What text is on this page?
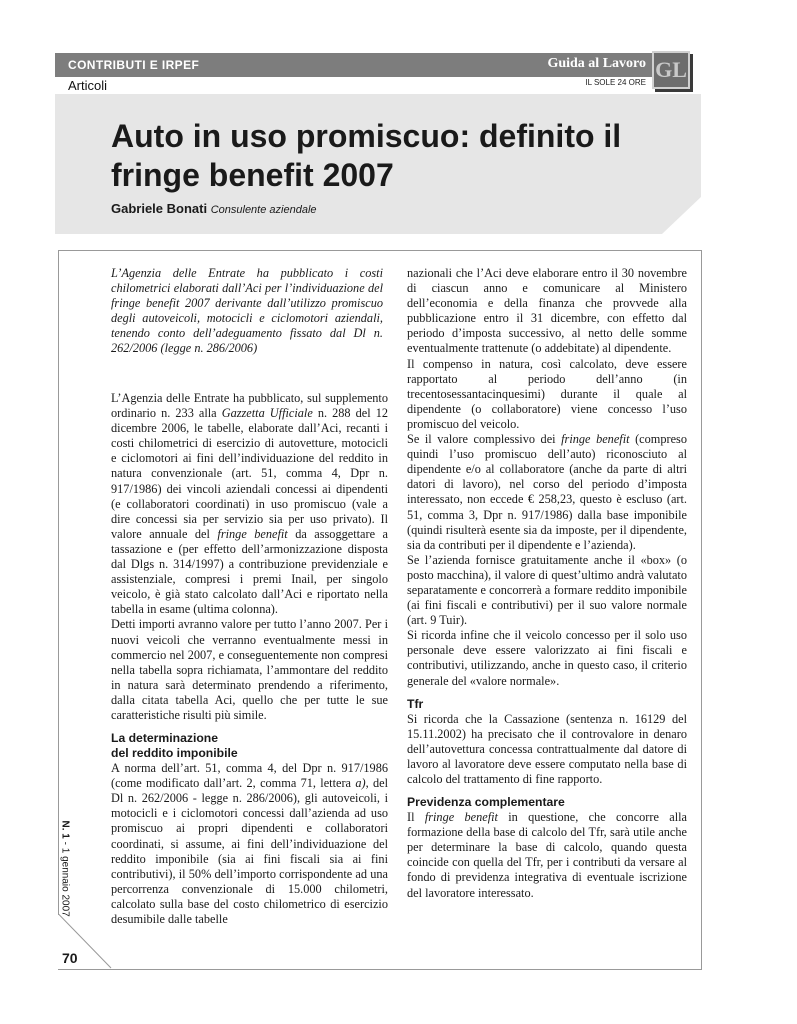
CONTRIBUTI E IRPEF
Articoli
Guida al Lavoro
IL SOLE 24 ORE
GL
Auto in uso promiscuo: definito il fringe benefit 2007
Gabriele Bonati Consulente aziendale

L’Agenzia delle Entrate ha pubblicato i costi chilometrici elaborati dall’Aci per l’individuazione del fringe benefit 2007 derivante dall’utilizzo promiscuo degli autoveicoli, motocicli e ciclomotori aziendali, tenendo conto dell’adeguamento fissato dal Dl n. 262/2006 (legge n. 286/2006)

L’Agenzia delle Entrate ha pubblicato, sul supplemento ordinario n. 233 alla Gazzetta Ufficiale n. 288 del 12 dicembre 2006, le tabelle, elaborate dall’Aci, recanti i costi chilometrici di esercizio di autovetture, motocicli e ciclomotori ai fini dell’individuazione del reddito in natura convenzionale (art. 51, comma 4, Dpr n. 917/1986) dei vincoli aziendali concessi ai dipendenti (e collaboratori coordinati) in uso promiscuo (vale a dire concessi sia per servizio sia per uso privato). Il valore annuale del fringe benefit da assoggettare a tassazione e (per effetto dell’armonizzazione disposta dal Dlgs n. 314/1997) a contribuzione previdenziale e assistenziale, compresi i premi Inail, per singolo veicolo, è già stato calcolato dall’Aci e riportato nella tabella in esame (ultima colonna).

Detti importi avranno valore per tutto l’anno 2007. Per i nuovi veicoli che verranno eventualmente messi in commercio nel 2007, e conseguentemente non compresi nella tabella sopra richiamata, l’ammontare del reddito in natura sarà determinato prendendo a riferimento, dalla citata tabella Aci, quello che per tutte le sue caratteristiche risulti più simile.

La determinazione
del reddito imponibile

A norma dell’art. 51, comma 4, del Dpr n. 917/1986 (come modificato dall’art. 2, comma 71, lettera a), del Dl n. 262/2006 - legge n. 286/2006), gli autoveicoli, i motocicli e i ciclomotori concessi dall’azienda ad uso promiscuo ai propri dipendenti e collaboratori coordinati, si assume, ai fini dell’individuazione del reddito imponibile (sia ai fini fiscali sia ai fini contributivi), il 50% dell’importo corrispondente ad una percorrenza convenzionale di 15.000 chilometri, calcolato sulla base del costo chilometrico di esercizio desumibile dalle tabelle

nazionali che l’Aci deve elaborare entro il 30 novembre di ciascun anno e comunicare al Ministero dell’economia e della finanza che provvede alla pubblicazione entro il 31 dicembre, con effetto dal periodo d’imposta successivo, al netto delle somme eventualmente trattenute (o addebitate) al dipendente.

Il compenso in natura, così calcolato, deve essere rapportato al periodo dell’anno (in trecentosessantacinquesimi) durante il quale al dipendente (o collaboratore) viene concesso l’uso promiscuo del veicolo.

Se il valore complessivo dei fringe benefit (compreso quindi l’uso promiscuo dell’auto) riconosciuto al dipendente e/o al collaboratore (anche da parte di altri datori di lavoro), nel corso del periodo d’imposta interessato, non eccede € 258,23, questo è escluso (art. 51, comma 3, Dpr n. 917/1986) dalla base imponibile (quindi risulterà esente sia da imposte, per il dipendente, sia da contributi per il dipendente e l’azienda).

Se l’azienda fornisce gratuitamente anche il «box» (o posto macchina), il valore di quest’ultimo andrà valutato separatamente e concorrerà a formare reddito imponibile (ai fini fiscali e contributivi) per il suo valore normale (art. 9 Tuir).

Si ricorda infine che il veicolo concesso per il solo uso personale deve essere valorizzato ai fini fiscali e contributivi, utilizzando, anche in questo caso, il criterio generale del «valore normale».

Tfr

Si ricorda che la Cassazione (sentenza n. 16129 del 15.11.2002) ha precisato che il controvalore in denaro dell’autovettura concessa contrattualmente dal datore di lavoro al lavoratore deve essere computato nella base di calcolo del trattamento di fine rapporto.

Previdenza complementare

Il fringe benefit in questione, che concorre alla formazione della base di calcolo del Tfr, sarà utile anche per determinare la base di calcolo, quando questa coincide con quella del Tfr, per i contributi da versare al fondo di previdenza integrativa di eventuale iscrizione del lavoratore interessato.

N. 1 - 1 gennaio 2007
70
